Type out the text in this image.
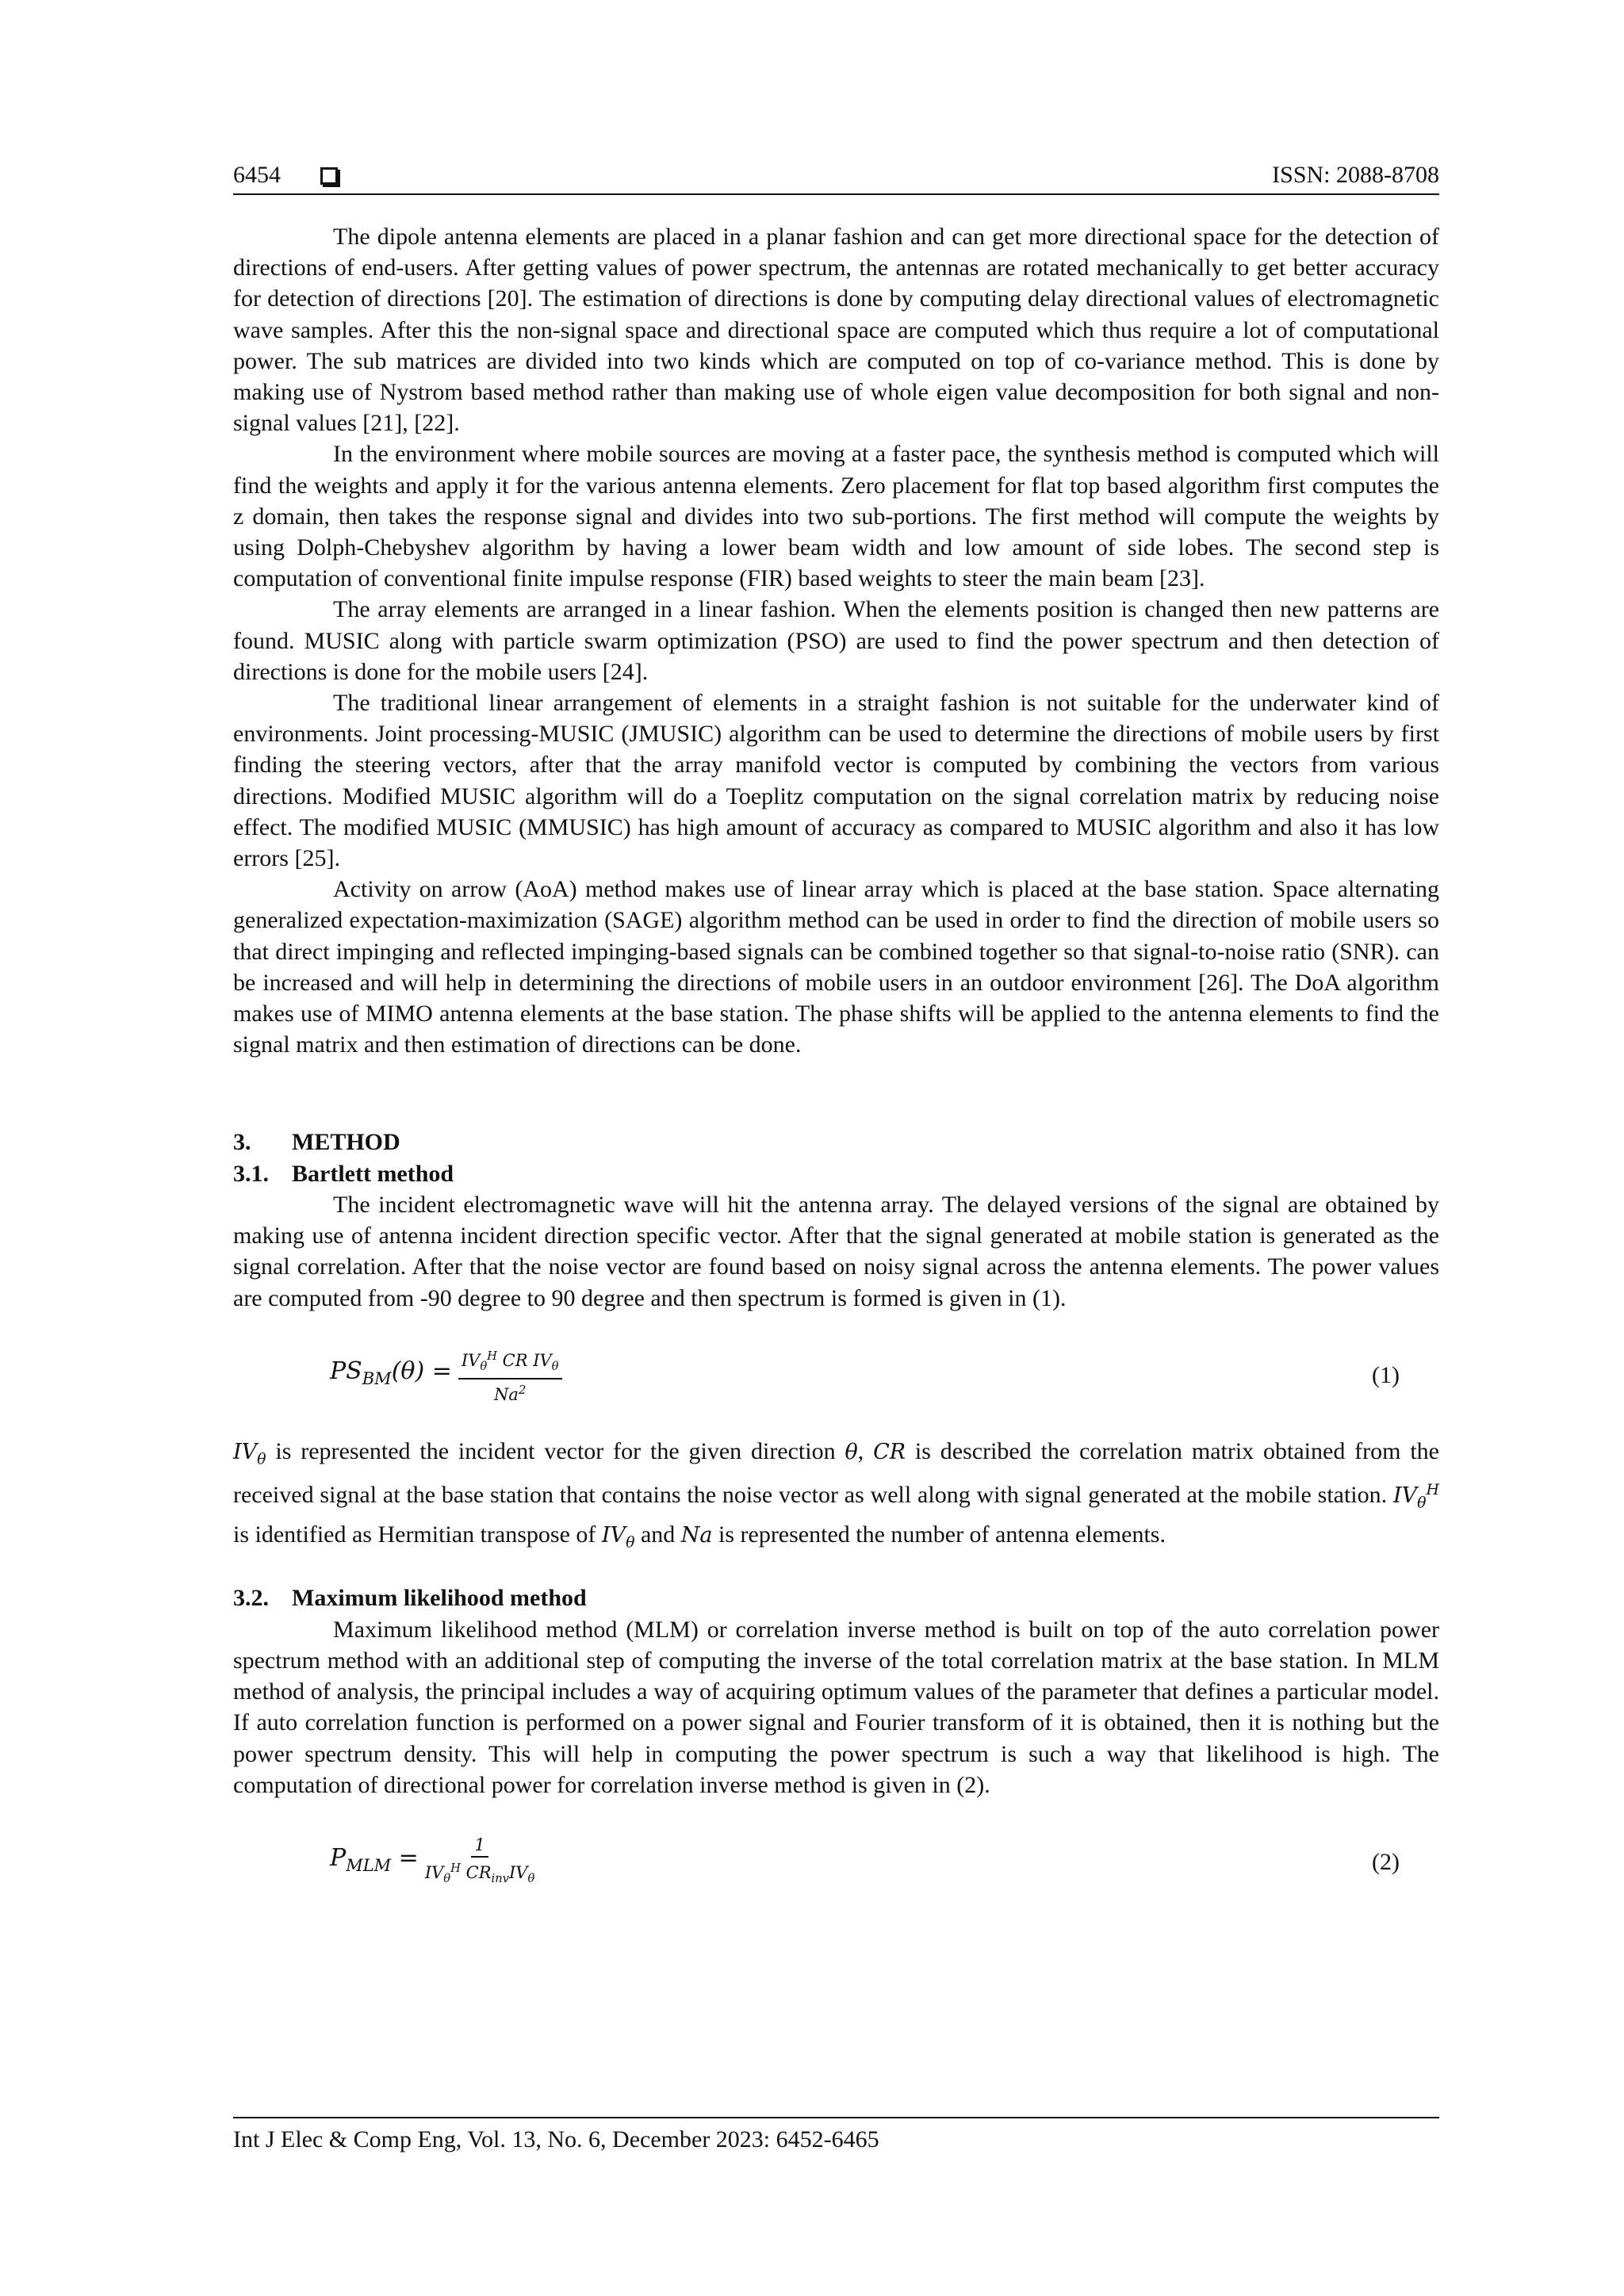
6454	ISSN: 2088-8708

The dipole antenna elements are placed in a planar fashion and can get more directional space for the detection of directions of end-users. After getting values of power spectrum, the antennas are rotated mechanically to get better accuracy for detection of directions [20]. The estimation of directions is done by computing delay directional values of electromagnetic wave samples. After this the non-signal space and directional space are computed which thus require a lot of computational power. The sub matrices are divided into two kinds which are computed on top of co-variance method. This is done by making use of Nystrom based method rather than making use of whole eigen value decomposition for both signal and non-signal values [21], [22].

In the environment where mobile sources are moving at a faster pace, the synthesis method is computed which will find the weights and apply it for the various antenna elements. Zero placement for flat top based algorithm first computes the z domain, then takes the response signal and divides into two sub-portions. The first method will compute the weights by using Dolph-Chebyshev algorithm by having a lower beam width and low amount of side lobes. The second step is computation of conventional finite impulse response (FIR) based weights to steer the main beam [23].

The array elements are arranged in a linear fashion. When the elements position is changed then new patterns are found. MUSIC along with particle swarm optimization (PSO) are used to find the power spectrum and then detection of directions is done for the mobile users [24].

The traditional linear arrangement of elements in a straight fashion is not suitable for the underwater kind of environments. Joint processing-MUSIC (JMUSIC) algorithm can be used to determine the directions of mobile users by first finding the steering vectors, after that the array manifold vector is computed by combining the vectors from various directions. Modified MUSIC algorithm will do a Toeplitz computation on the signal correlation matrix by reducing noise effect. The modified MUSIC (MMUSIC) has high amount of accuracy as compared to MUSIC algorithm and also it has low errors [25].

Activity on arrow (AoA) method makes use of linear array which is placed at the base station. Space alternating generalized expectation-maximization (SAGE) algorithm method can be used in order to find the direction of mobile users so that direct impinging and reflected impinging-based signals can be combined together so that signal-to-noise ratio (SNR). can be increased and will help in determining the directions of mobile users in an outdoor environment [26]. The DoA algorithm makes use of MIMO antenna elements at the base station. The phase shifts will be applied to the antenna elements to find the signal matrix and then estimation of directions can be done.

3. METHOD
3.1. Bartlett method

The incident electromagnetic wave will hit the antenna array. The delayed versions of the signal are obtained by making use of antenna incident direction specific vector. After that the signal generated at mobile station is generated as the signal correlation. After that the noise vector are found based on noisy signal across the antenna elements. The power values are computed from -90 degree to 90 degree and then spectrum is formed is given in (1).

$PS_{BM}(\theta) = \frac{IV_\theta^H CR IV_\theta}{Na^2}$	(1)

$IV_\theta$ is represented the incident vector for the given direction θ, CR is described the correlation matrix obtained from the received signal at the base station that contains the noise vector as well along with signal generated at the mobile station. $IV_\theta^H$ is identified as Hermitian transpose of $IV_\theta$ and Na is represented the number of antenna elements.

3.2. Maximum likelihood method

Maximum likelihood method (MLM) or correlation inverse method is built on top of the auto correlation power spectrum method with an additional step of computing the inverse of the total correlation matrix at the base station. In MLM method of analysis, the principal includes a way of acquiring optimum values of the parameter that defines a particular model. If auto correlation function is performed on a power signal and Fourier transform of it is obtained, then it is nothing but the power spectrum density. This will help in computing the power spectrum is such a way that likelihood is high. The computation of directional power for correlation inverse method is given in (2).

$P_{MLM} = \frac{1}{IV_\theta^H CR_{inv}IV_\theta}$	(2)
Int J Elec & Comp Eng, Vol. 13, No. 6, December 2023: 6452-6465
